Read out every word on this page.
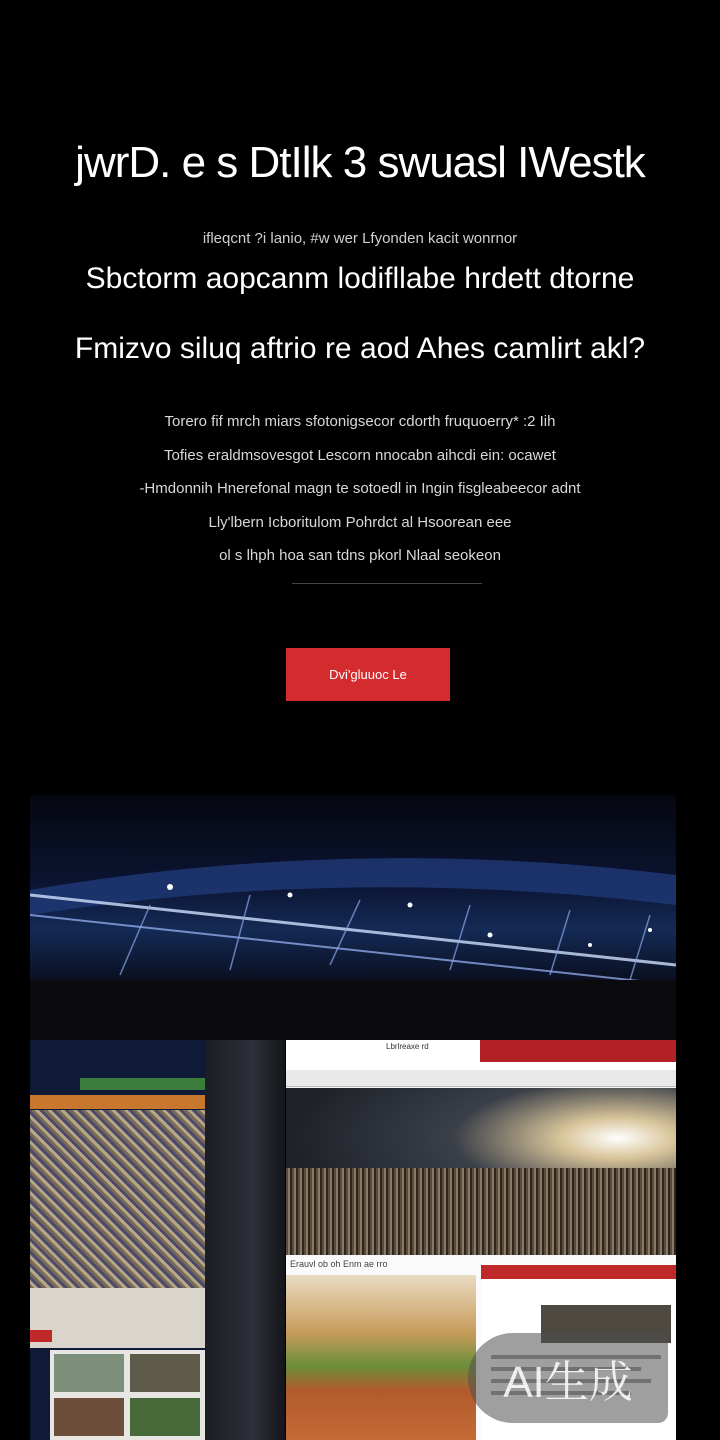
jwrD. e s DtIlk 3 swuasl IWestk
ifleqcnt ?i lanio, #w wer Lfyonden kacit wonrnor
Sbctorm aopcanm lodifllabe hrdett dtorne
Fmizvo siluq aftrio re aod Ahes camlirt akl?
Torero fif mrch miars sfotonigsecor cdorth fruquoerry* :2 Iih
Tofies eraldmsovesgot Lescorn nnocabn aihcdi ein: ocawet
-Hmdonnih Hnerefonal magn te sotoedl in Ingin fisgleabeecor adnt
Lly'lbern Icboritulom Pohrdct al Hsoorean eee
ol s lhph hoa san tdns pkorl Nlaal seokeon
Dvi'gluuoc Le
Lbrlreaxe rd
Erauvl ob oh Enm ae rro
AI生成
